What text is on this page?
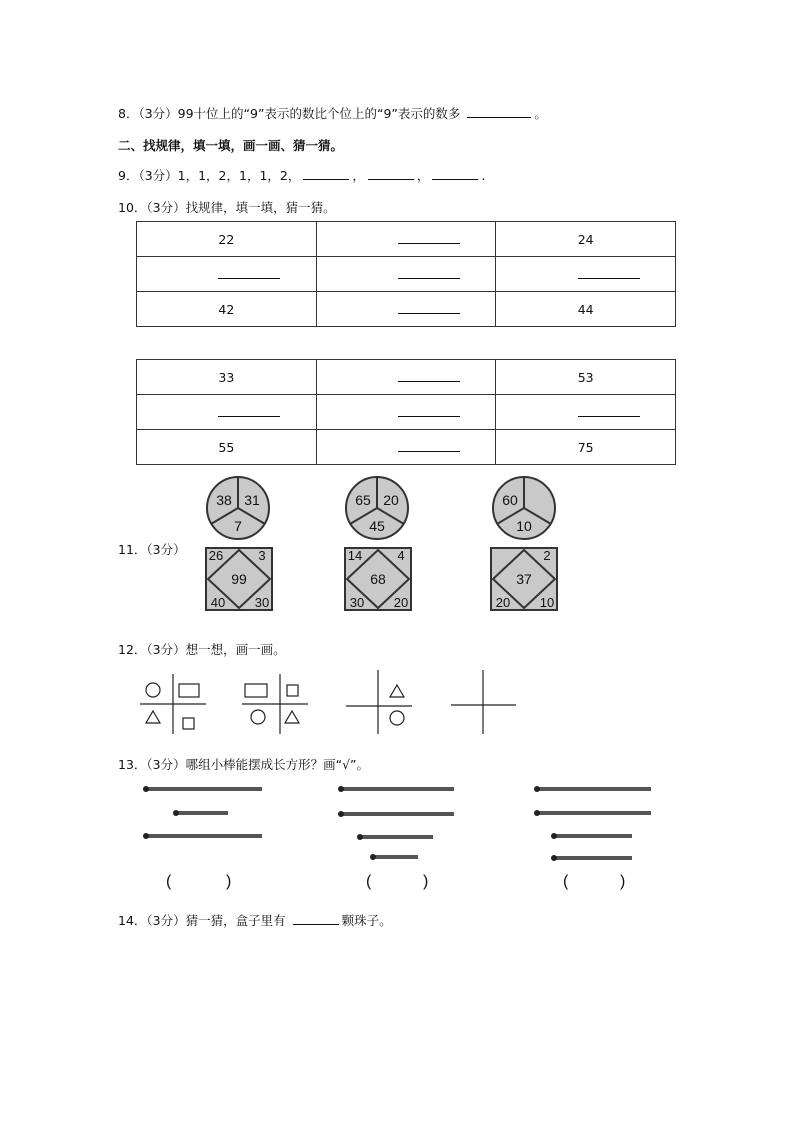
8．（3分）99十位上的“9”表示的数比个位上的“9”表示的数多	。
二、找规律，填一填，画一画、猜一猜。
9．（3分）1，1，2，1，1，2，	，	，	.
10．（3分）找规律，填一填，猜一猜。
22		24

42		44
33		53

55		75
11．（3分）
38 31
7
65 20
45
60
10
26	3
99
40 30
14	4
68
30 20
2
37
20 10
12．（3分）想一想，画一画。
13．（3分）哪组小棒能摆成长方形？画“√”。
(	)	(	)	(	)
14．（3分）猜一猜，盒子里有	颗珠子。
